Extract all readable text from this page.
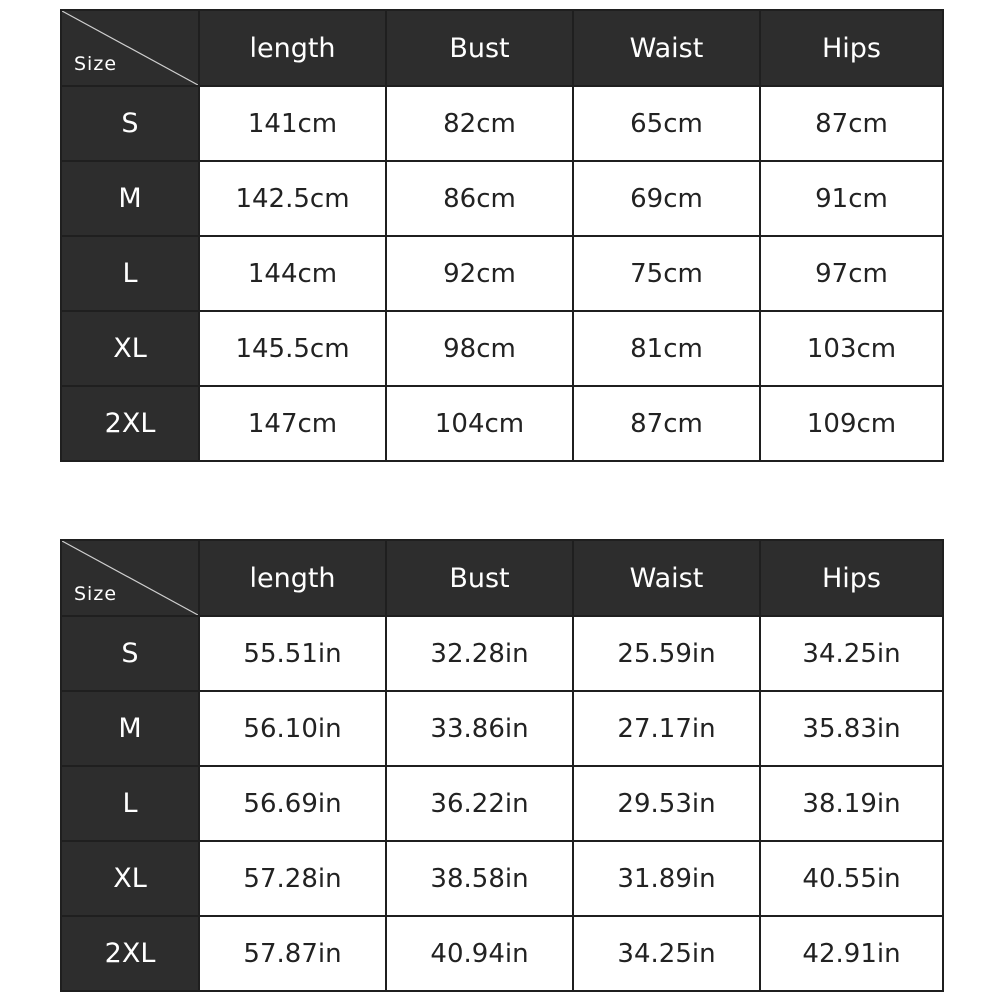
Size	length	Bust	Waist	Hips
S	141cm	82cm	65cm	87cm
M	142.5cm	86cm	69cm	91cm
L	144cm	92cm	75cm	97cm
XL	145.5cm	98cm	81cm	103cm
2XL	147cm	104cm	87cm	109cm
Size	length	Bust	Waist	Hips
S	55.51in	32.28in	25.59in	34.25in
M	56.10in	33.86in	27.17in	35.83in
L	56.69in	36.22in	29.53in	38.19in
XL	57.28in	38.58in	31.89in	40.55in
2XL	57.87in	40.94in	34.25in	42.91in
